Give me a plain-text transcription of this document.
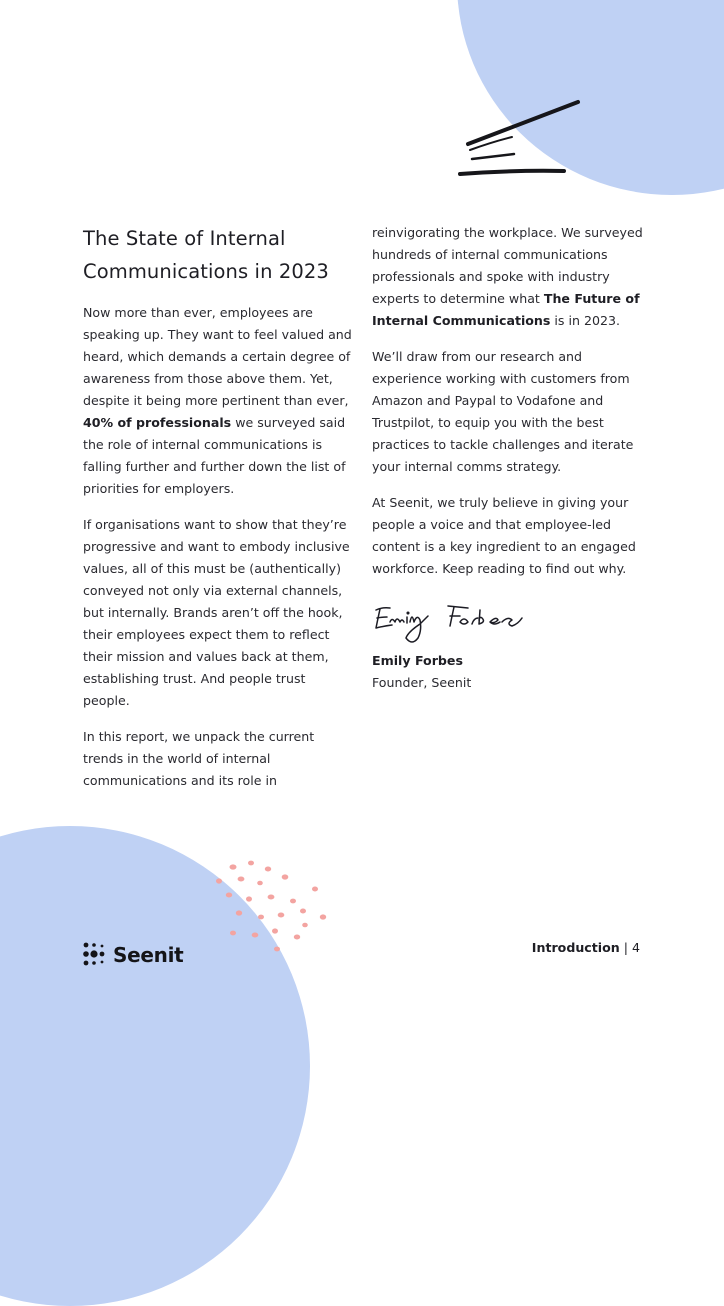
The State of Internal
Communications in 2023

Now more than ever, employees are speaking up. They want to feel valued and heard, which demands a certain degree of awareness from those above them. Yet, despite it being more pertinent than ever, 40% of professionals we surveyed said the role of internal communications is falling further and further down the list of priorities for employers.

If organisations want to show that they’re progressive and want to embody inclusive values, all of this must be (authentically) conveyed not only via external channels, but internally. Brands aren’t off the hook, their employees expect them to reflect their mission and values back at them, establishing trust. And people trust people.

In this report, we unpack the current trends in the world of internal communications and its role in

reinvigorating the workplace. We surveyed hundreds of internal communications professionals and spoke with industry experts to determine what The Future of Internal Communications is in 2023.

We’ll draw from our research and experience working with customers from Amazon and Paypal to Vodafone and Trustpilot, to equip you with the best practices to tackle challenges and iterate your internal comms strategy.

At Seenit, we truly believe in giving your people a voice and that employee-led content is a key ingredient to an engaged workforce. Keep reading to find out why.

Emily Forbes
Founder, Seenit
Seenit	Introduction | 4
